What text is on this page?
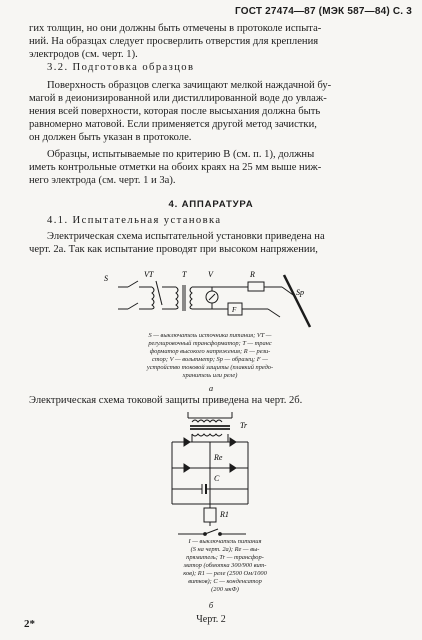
ГОСТ 27474—87 (МЭК 587—84) С. 3
гих толщин, но они должны быть отмечены в протоколе испыта-
ний. На образцах следует просверлить отверстия для крепления
электродов (см. черт. 1).
3.2. Подготовка образцов
Поверхность образцов слегка зачищают мелкой наждачной бу-
магой в деионизированной или дистиллированной воде до увлаж-
нения всей поверхности, которая после высыхания должна быть
равномерно матовой. Если применяется другой метод зачистки,
он должен быть указан в протоколе.
Образцы, испытываемые по критерию В (см. п. 1), должны
иметь контрольные отметки на обоих краях на 25 мм выше ниж-
него электрода (см. черт. 1 и 3а).
4. АППАРАТУРА
4.1. Испытательная установка
Электрическая схема испытательной установки приведена на
черт. 2а. Так как испытание проводят при высоком напряжении,
S	VT	T	V	R
F
Sp
S — выключатель источника питания; VT —
регулировочный трансформатор; T — транс
форматор высокого напряжения; R — рези-
стор; V — вольтметр; Sp — образец; F —
устройство токовой защиты (плавкий предо-
хранитель или реле)
а
Электрическая схема токовой защиты приведена на черт. 2б.
Tr
Re
C
R1
I — выключатель питания
(S на черт. 2а); Re — вы-
прямитель; Tr — трансфор-
матор (обмотка 300/900 вит-
ков); R1 — реле (2500 Ом/1000
витков); C — конденсатор
(200 мкФ)
б
Черт. 2
2*
